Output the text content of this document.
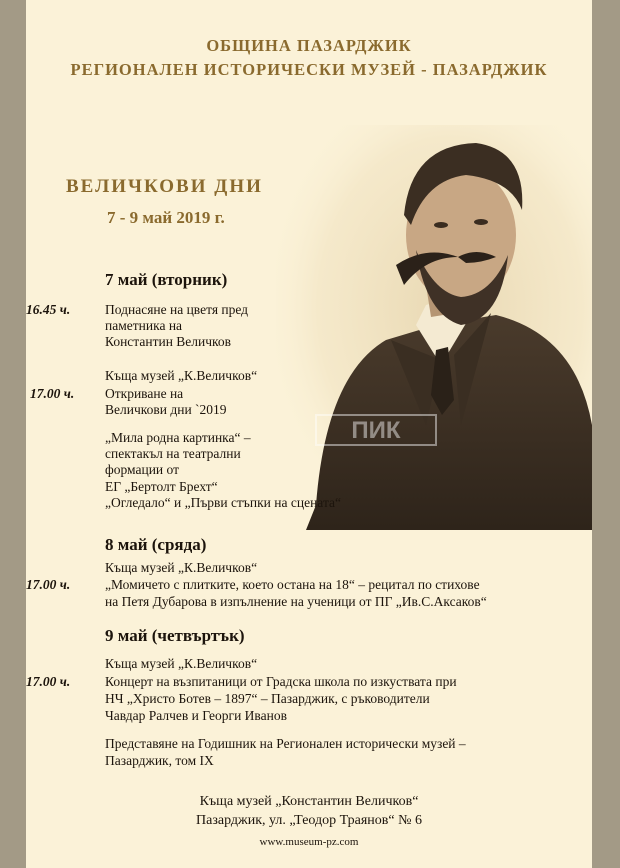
ОБЩИНА ПАЗАРДЖИК
РЕГИОНАЛЕН ИСТОРИЧЕСКИ МУЗЕЙ - ПАЗАРДЖИК
ПИК
ВЕЛИЧКОВИ ДНИ
7 - 9 май 2019 г.
7 май (вторник)
16.45 ч.	Поднасяне на цветя пред
паметника на
Константин Величков
Къща музей „К.Величков“
17.00 ч. Откриване на
Величкови дни `2019
„Мила родна картинка“ –
спектакъл на театрални
формации от
ЕГ „Бертолт Брехт“
„Огледало“ и „Първи стъпки на сцената“
8 май (сряда)
Къща музей „К.Величков“
17.00 ч.	„Момичето с плитките, което остана на 18“ – рецитал по стихове
на Петя Дубарова в изпълнение на ученици от ПГ „Ив.С.Аксаков“
9 май (четвъртък)
Къща музей „К.Величков“
17.00 ч.	Концерт на възпитаници от Градска школа по изкуствата при
НЧ „Христо Ботев – 1897“ – Пазарджик, с ръководители
Чавдар Ралчев и Георги Иванов
Представяне на Годишник на Регионален исторически музей –
Пазарджик, том IX
Къща музей „Константин Величков“
Пазарджик, ул. „Теодор Траянов“ № 6
www.museum-pz.com
